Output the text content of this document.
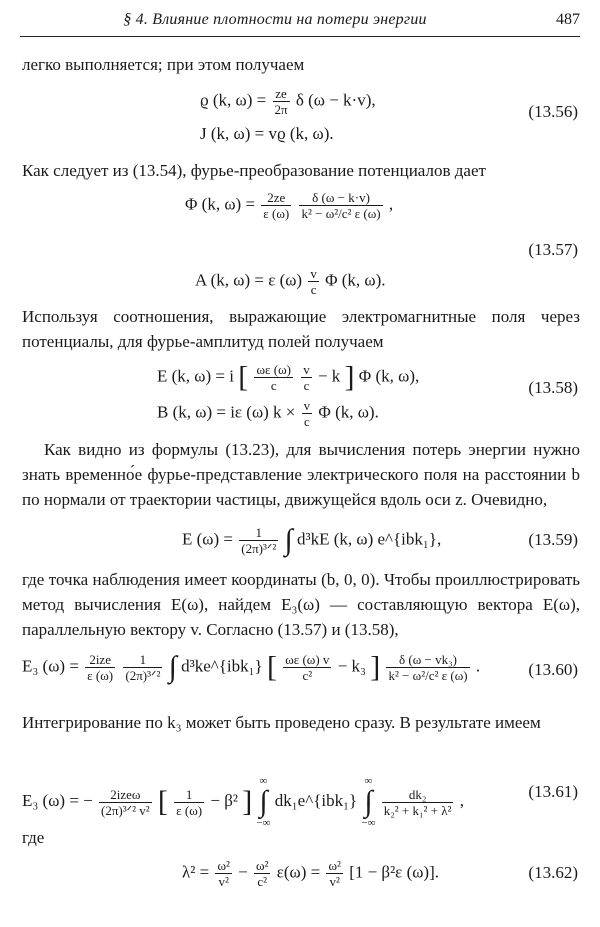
§ 4. Влияние плотности на потери энергии	487
легко выполняется; при этом получаем
ϱ (k, $\omega) = \frac{ze}{2\pi}$ δ (ω − k·v),
J (k, ω) = vϱ (k, ω).
(13.56)
Как следует из (13.54), фурье-преобразование потенциалов дает
Φ (k, $\omega) = \frac{2ze}{\varepsilon (\omega)}$
$\frac{\delta (\omega - k\cdot v)}{\text{k² − ω²/c² ε (ω)}}$ ,
(13.57)
A (k, ω) = ε $(\omega) \frac{v}{c}$ Φ (k, ω).
Используя соотношения, выражающие электромагнитные поля через потенциалы, для фурье-амплитуд полей получаем
E (k, ω) = i [ $\frac{\omega\varepsilon (\omega)}{c}$
$\frac{v}{c} - k$ ] Φ (k, ω),
(13.58)
B (k, ω) = iε (ω) $k \times \frac{v}{c}$ Φ (k, ω).
Как видно из формулы (13.23), для вычисления потерь энергии нужно знать временно́е фурье-представление электрического поля на расстоянии b по нормали от траектории частицы, движущейся вдоль оси z. Очевидно,
E $(\omega) = \frac{1}{\text{(2π)³ᐟ²}}$ ∫ d³kE (k, ω) e^{ibk₁},	(13.59)
где точка наблюдения имеет координаты (b, 0, 0). Чтобы проиллюстрировать метод вычисления E(ω), найдем E₃(ω) — составляющую вектора E(ω), параллельную вектору v. Согласно (13.57) и (13.58),
E₃ $(\omega) = \frac{\text{2ize}}{\varepsilon (\omega)}$
$\frac{1}{\text{(2π)³ᐟ²}}$ ∫ d³ke^{ibk₁} [ $\frac{\omega\varepsilon (\omega) v}{\text{c²}} - k_3$ ] $\frac{\text{δ (ω − vk₃)}}{\text{k² − ω²/c² ε (ω)}}$ .	(13.60)
Интегрирование по k₃ может быть проведено сразу. В результате имеем
E₃ (ω) = − $\frac{\text{2izeω}}{\text{(2π)³ᐟ² v²}}$ [ $\frac{1}{\varepsilon (\omega)} - \beta^2$ ]
∞
∫
−∞
dk₁e^{ibk₁}
∞
∫
−∞

$\frac{\text{dk₂}}{\text{k₂² + k₁² + λ²}}$ ,	(13.61)
где
$\lambda^2 = \frac{\text{ω²}}{\text{v²}} - \frac{\text{ω²}}{\text{c²}} \varepsilon(\omega) = \frac{\text{ω²}}{\text{v²}} [1 - \beta^2\varepsilon$ (ω)].	(13.62)
